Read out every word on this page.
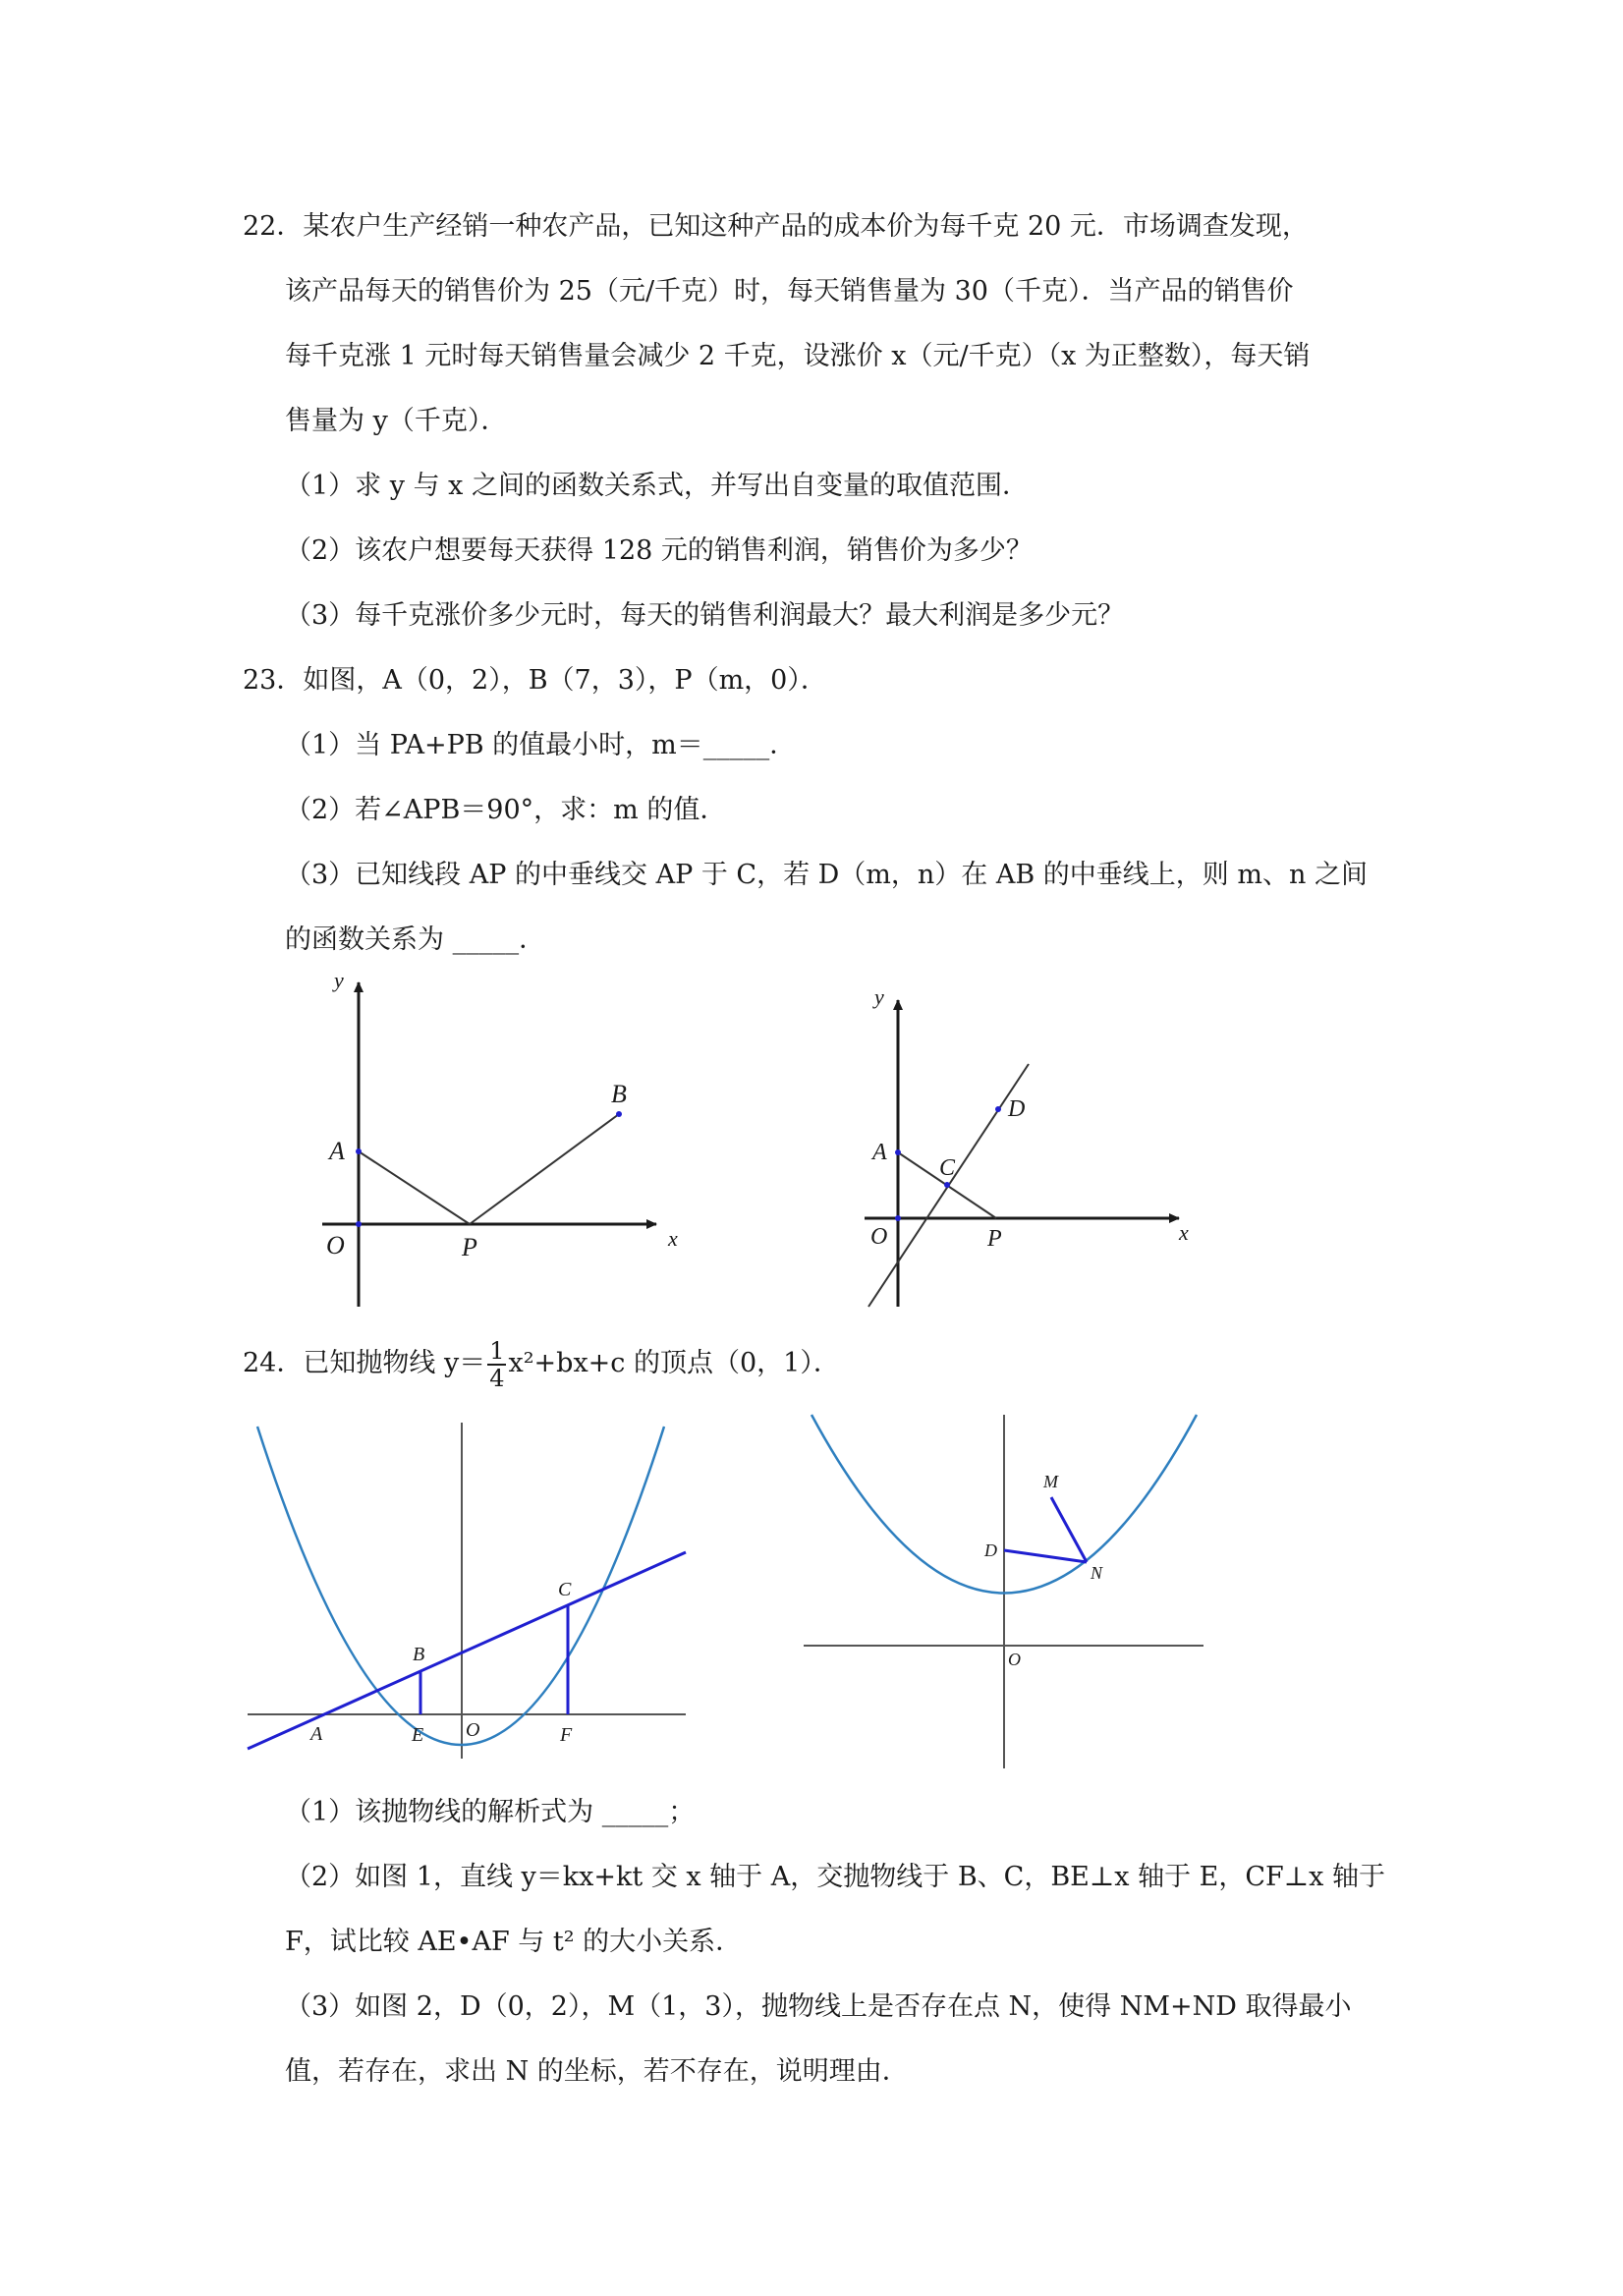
22．某农户生产经销一种农产品，已知这种产品的成本价为每千克 20 元．市场调查发现，
该产品每天的销售价为 25（元/千克）时，每天销售量为 30（千克）．当产品的销售价
每千克涨 1 元时每天销售量会减少 2 千克，设涨价 x（元/千克）（x 为正整数），每天销
售量为 y（千克）．
（1）求 y 与 x 之间的函数关系式，并写出自变量的取值范围．
（2）该农户想要每天获得 128 元的销售利润，销售价为多少？
（3）每千克涨价多少元时，每天的销售利润最大？最大利润是多少元？
23．如图，A（0，2），B（7，3），P（m，0）．
（1）当 PA+PB 的值最小时，m＝_____．
（2）若∠APB＝90°，求：m 的值．
（3）已知线段 AP 的中垂线交 AP 于 C，若 D（m，n）在 AB 的中垂线上，则 m、n 之间
的函数关系为 _____．
y
x
O
A
B
P
y
x
O
A
C
D
P
A
B
C
E O	F
D
M
N
O
24．已知抛物线 $y= \frac{1}{4} x^2+bx+c$ 的顶点（0，1）．
（1）该抛物线的解析式为 _____；
（2）如图 1，直线 y＝kx+kt 交 x 轴于 A，交抛物线于 B、C，BE⊥x 轴于 E，CF⊥x 轴于
F，试比较 AE•AF 与 t² 的大小关系．
（3）如图 2，D（0，2），M（1，3），抛物线上是否存在点 N，使得 NM+ND 取得最小
值，若存在，求出 N 的坐标，若不存在，说明理由．
